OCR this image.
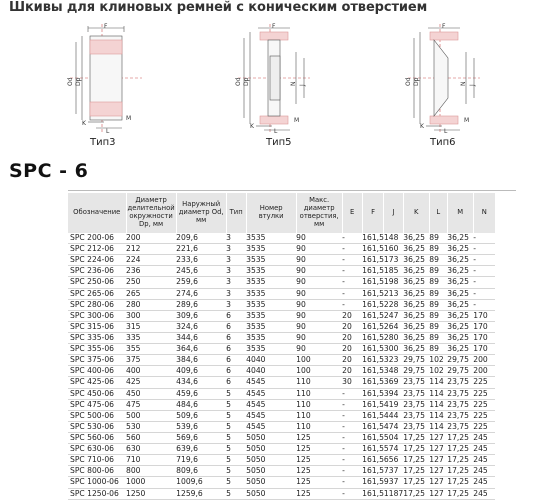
Шкивы для клиновых ремней с коническим отверстием
F
Od Dp
K
L
M
Тип3
F
Od Dp	N J
K
L
M
Тип5
F
Od Dp	N J
K
L
M
Тип6
SPC - 6
Обозначение	Диаметр делительной окружности Dp, мм	Наружный диаметр Od, мм	Тип	Номер втулки	Макс. диаметр отверстия, мм	E	F	J	K	L	M	N
SPC 200-06	200	209,6	3	3535	90	-	161,5	148	36,25	89	36,25	-
SPC 212-06	212	221,6	3	3535	90	-	161,5	160	36,25	89	36,25	-
SPC 224-06	224	233,6	3	3535	90	-	161,5	173	36,25	89	36,25	-
SPC 236-06	236	245,6	3	3535	90	-	161,5	185	36,25	89	36,25	-
SPC 250-06	250	259,6	3	3535	90	-	161,5	198	36,25	89	36,25	-
SPC 265-06	265	274,6	3	3535	90	-	161,5	213	36,25	89	36,25	-
SPC 280-06	280	289,6	3	3535	90	-	161,5	228	36,25	89	36,25	-
SPC 300-06	300	309,6	6	3535	90	20	161,5	247	36,25	89	36,25	170
SPC 315-06	315	324,6	6	3535	90	20	161,5	264	36,25	89	36,25	170
SPC 335-06	335	344,6	6	3535	90	20	161,5	280	36,25	89	36,25	170
SPC 355-06	355	364,6	6	3535	90	20	161,5	300	36,25	89	36,25	170
SPC 375-06	375	384,6	6	4040	100	20	161,5	323	29,75	102	29,75	200
SPC 400-06	400	409,6	6	4040	100	20	161,5	348	29,75	102	29,75	200
SPC 425-06	425	434,6	6	4545	110	30	161,5	369	23,75	114	23,75	225
SPC 450-06	450	459,6	5	4545	110	-	161,5	394	23,75	114	23,75	225
SPC 475-06	475	484,6	5	4545	110	-	161,5	419	23,75	114	23,75	225
SPC 500-06	500	509,6	5	4545	110	-	161,5	444	23,75	114	23,75	225
SPC 530-06	530	539,6	5	4545	110	-	161,5	474	23,75	114	23,75	225
SPC 560-06	560	569,6	5	5050	125	-	161,5	504	17,25	127	17,25	245
SPC 630-06	630	639,6	5	5050	125	-	161,5	574	17,25	127	17,25	245
SPC 710-06	710	719,6	5	5050	125	-	161,5	656	17,25	127	17,25	245
SPC 800-06	800	809,6	5	5050	125	-	161,5	737	17,25	127	17,25	245
SPC 1000-06	1000	1009,6	5	5050	125	-	161,5	937	17,25	127	17,25	245
SPC 1250-06	1250	1259,6	5	5050	125	-	161,5	1187	17,25	127	17,25	245
